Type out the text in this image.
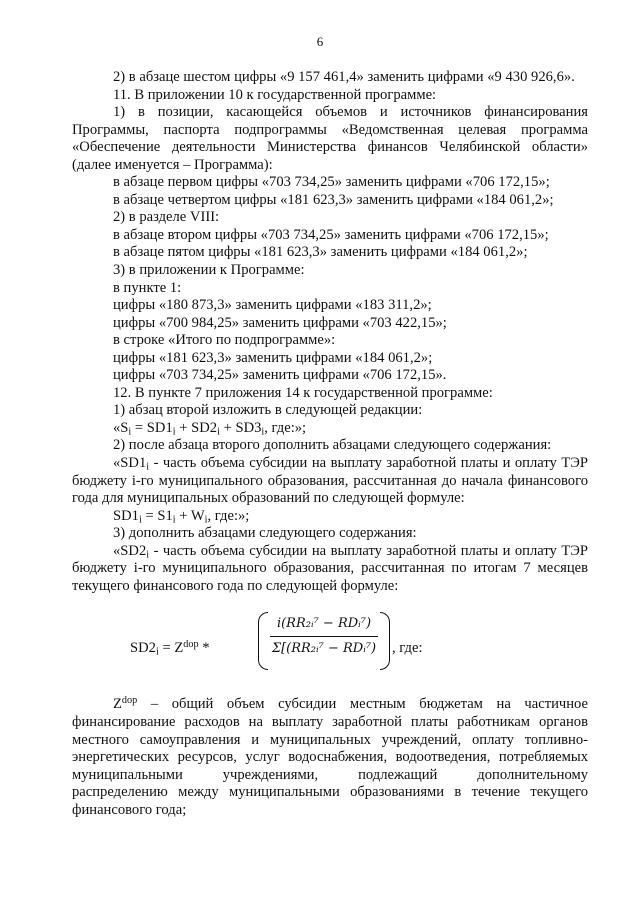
6

2) в абзаце шестом цифры «9 157 461,4» заменить цифрами «9 430 926,6».

11. В приложении 10 к государственной программе:

1) в позиции, касающейся объемов и источников финансирования Программы, паспорта подпрограммы «Ведомственная целевая программа «Обеспечение деятельности Министерства финансов Челябинской области» (далее именуется – Программа):

в абзаце первом цифры «703 734,25» заменить цифрами «706 172,15»;

в абзаце четвертом цифры «181 623,3» заменить цифрами «184 061,2»;

2) в разделе VIII:

в абзаце втором цифры «703 734,25» заменить цифрами «706 172,15»;

в абзаце пятом цифры «181 623,3» заменить цифрами «184 061,2»;

3) в приложении к Программе:

в пункте 1:

цифры «180 873,3» заменить цифрами «183 311,2»;

цифры «700 984,25» заменить цифрами «703 422,15»;

в строке «Итого по подпрограмме»:

цифры «181 623,3» заменить цифрами «184 061,2»;

цифры «703 734,25» заменить цифрами «706 172,15».

12. В пункте 7 приложения 14 к государственной программе:

1) абзац второй изложить в следующей редакции:

«$S_i = SD1_i + SD2_i + SD3_i$, где:»;

2) после абзаца второго дополнить абзацами следующего содержания:

«$SD1_i$ - часть объема субсидии на выплату заработной платы и оплату ТЭР бюджету i-го муниципального образования, рассчитанная до начала финансового года для муниципальных образований по следующей формуле:

$SD1_i = S1_i + W_i$, где:»;

3) дополнить абзацами следующего содержания:

«$SD2_i$ - часть объема субсидии на выплату заработной платы и оплату ТЭР бюджету i-го муниципального образования, рассчитанная по итогам 7 месяцев текущего финансового года по следующей формуле:

$SD2_i = Z^{dop}$ *
i(RR₂ᵢ⁷ − RDᵢ⁷)
Σ[(RR₂ᵢ⁷ − RDᵢ⁷) , где:

$Z^{dop}$ – общий объем субсидии местным бюджетам на частичное финансирование расходов на выплату заработной платы работникам органов местного самоуправления и муниципальных учреждений, оплату топливно-энергетических ресурсов, услуг водоснабжения, водоотведения, потребляемых

муниципальными учреждениями, подлежащий дополнительному

распределению между муниципальными образованиями в течение текущего финансового года;
